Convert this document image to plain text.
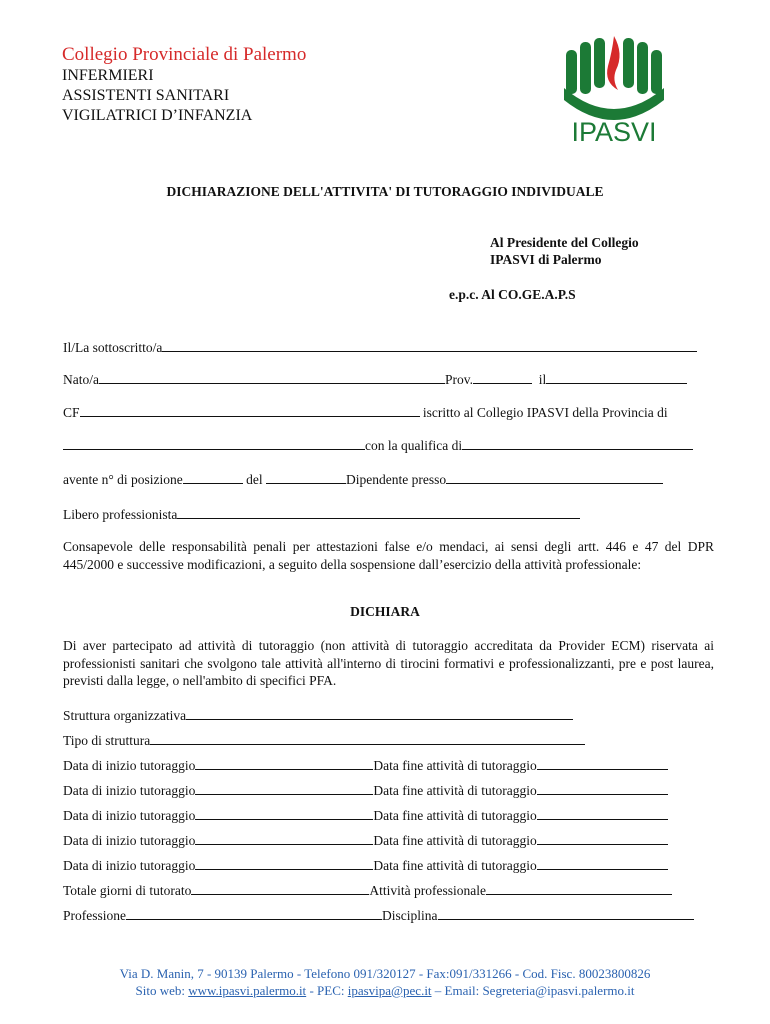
Collegio Provinciale di Palermo
INFERMIERI
ASSISTENTI SANITARI
VIGILATRICI D’INFANZIA
IPASVI
DICHIARAZIONE DELL'ATTIVITA' DI TUTORAGGIO INDIVIDUALE
Al Presidente del Collegio
IPASVI di Palermo
e.p.c. Al CO.GE.A.P.S
Il/La sottoscritto/a
Nato/a	Prov.	il
CF	iscritto al Collegio IPASVI della Provincia di
con la qualifica di
avente n° di posizione	del	Dipendente presso
Libero professionista
Consapevole delle responsabilità penali per attestazioni false e/o mendaci, ai sensi degli artt. 446 e 47 del DPR 445/2000 e successive modificazioni, a seguito della sospensione dall’esercizio della attività professionale:
DICHIARA
Di aver partecipato ad attività di tutoraggio (non attività di tutoraggio accreditata da Provider ECM) riservata ai professionisti sanitari che svolgono tale attività all'interno di tirocini formativi e professionalizzanti, pre e post laurea, previsti dalla legge, o nell'ambito di specifici PFA.
Struttura organizzativa
Tipo di struttura
Data di inizio tutoraggio	Data fine attività di tutoraggio
Data di inizio tutoraggio	Data fine attività di tutoraggio
Data di inizio tutoraggio	Data fine attività di tutoraggio
Data di inizio tutoraggio	Data fine attività di tutoraggio
Data di inizio tutoraggio	Data fine attività di tutoraggio
Totale giorni di tutorato	Attività professionale
Professione	Disciplina
Via D. Manin, 7 - 90139 Palermo - Telefono 091/320127 - Fax:091/331266 - Cod. Fisc. 80023800826
Sito web: www.ipasvi.palermo.it - PEC: ipasvipa@pec.it – Email: Segreteria@ipasvi.palermo.it
